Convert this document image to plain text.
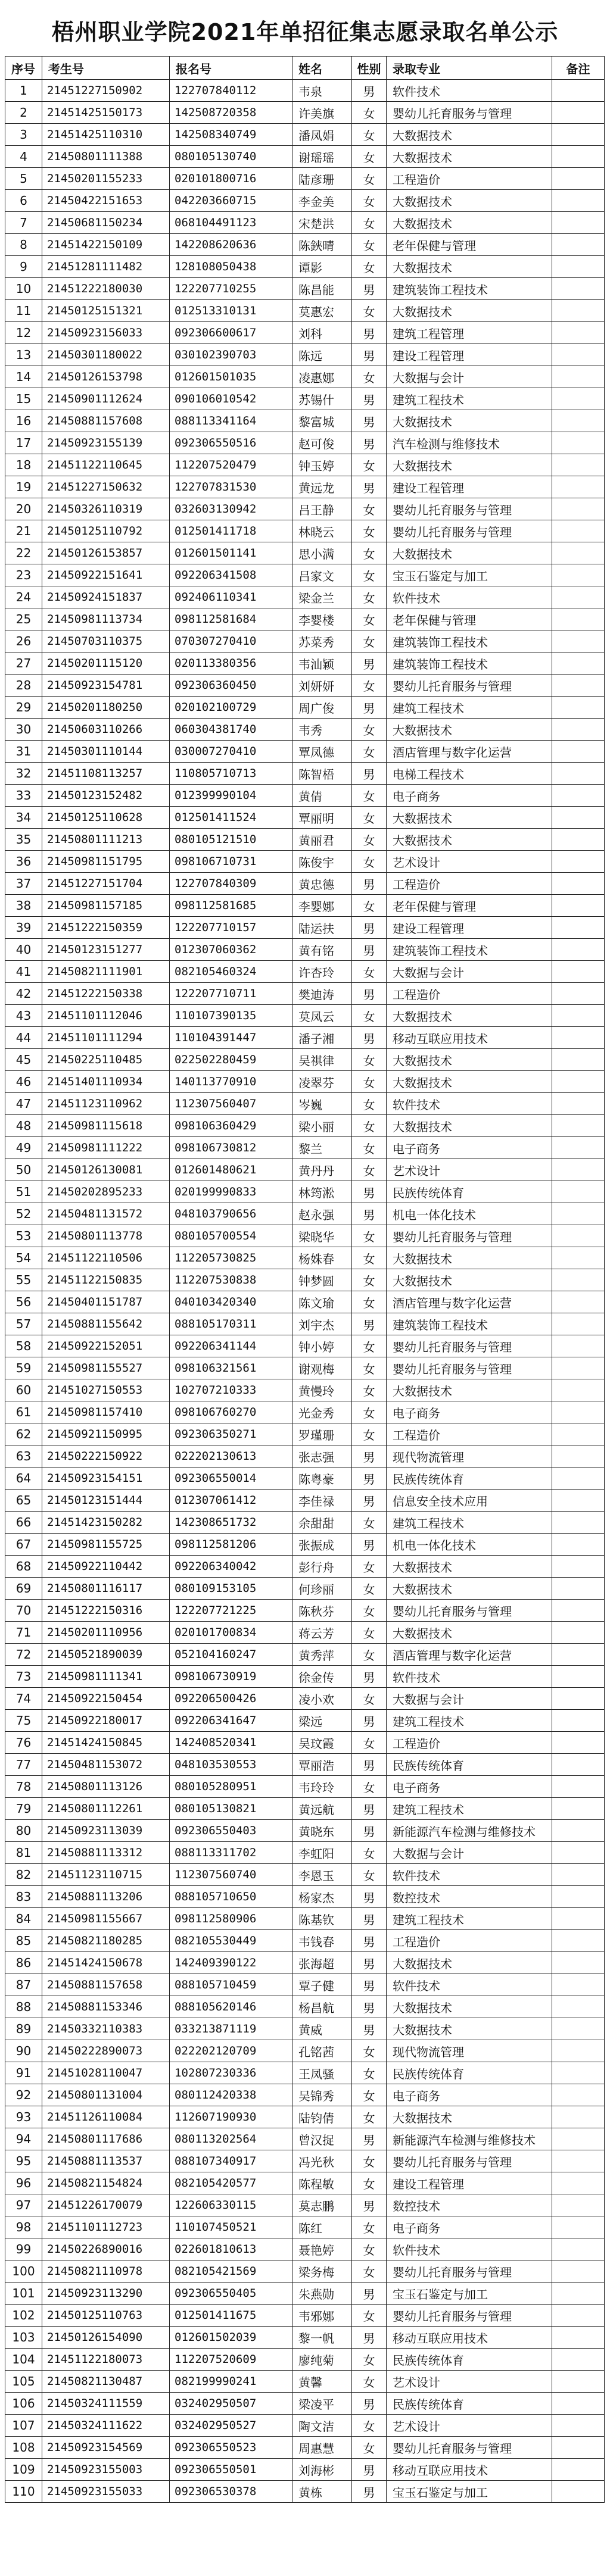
梧州职业学院2021年单招征集志愿录取名单公示
序号	考生号	报名号	姓名	性别	录取专业	备注
1	21451227150902	122707840112	韦泉	男	软件技术	
2	21451425150173	142508720358	许美旗	女	婴幼儿托育服务与管理	
3	21451425110310	142508340749	潘凤娟	女	大数据技术	
4	21450801111388	080105130740	谢瑶瑶	女	大数据技术	
5	21450201155233	020101800716	陆彦珊	女	工程造价	
6	21450422151653	042203660715	李金美	女	大数据技术	
7	21450681150234	068104491123	宋楚洪	女	大数据技术	
8	21451422150109	142208620636	陈鋏晴	女	老年保健与管理	
9	21451281111482	128108050438	谭影	女	大数据技术	
10	21451222180030	122207710255	陈昌能	男	建筑装饰工程技术	
11	21450125151321	012513310131	莫惠宏	女	大数据技术	
12	21450923156033	092306600617	刘科	男	建筑工程管理	
13	21450301180022	030102390703	陈远	男	建设工程管理	
14	21450126153798	012601501035	凌惠娜	女	大数据与会计	
15	21450901112624	090106010542	苏锡什	男	建筑工程技术	
16	21450881157608	088113341164	黎富城	男	大数据技术	
17	21450923155139	092306550516	赵可俊	男	汽车检测与维修技术	
18	21451122110645	112207520479	钟玉婷	女	大数据技术	
19	21451227150632	122707831530	黄远龙	男	建设工程管理	
20	21450326110319	032603130942	吕王静	女	婴幼儿托育服务与管理	
21	21450125110792	012501411718	林晓云	女	婴幼儿托育服务与管理	
22	21450126153857	012601501141	思小满	女	大数据技术	
23	21450922151641	092206341508	吕家文	女	宝玉石鉴定与加工	
24	21450924151837	092406110341	梁金兰	女	软件技术	
25	21450981113734	098112581684	李婴楼	女	老年保健与管理	
26	21450703110375	070307270410	苏菜秀	女	建筑装饰工程技术	
27	21450201115120	020113380356	韦汕颖	男	建筑装饰工程技术	
28	21450923154781	092306360450	刘妍妍	女	婴幼儿托育服务与管理	
29	21450201180250	020102100729	周广俊	男	建筑工程技术	
30	21450603110266	060304381740	韦秀	女	大数据技术	
31	21450301110144	030007270410	覃凤德	女	酒店管理与数字化运营	
32	21451108113257	110805710713	陈智梧	男	电梯工程技术	
33	21450123152482	012399990104	黄倩	女	电子商务	
34	21450125110628	012501411524	覃丽明	女	大数据技术	
35	21450801111213	080105121510	黄丽君	女	大数据技术	
36	21450981151795	098106710731	陈俊宇	女	艺术设计	
37	21451227151704	122707840309	黄忠德	男	工程造价	
38	21450981157185	098112581685	李婴娜	女	老年保健与管理	
39	21451222150359	122207710157	陆运扶	男	建设工程管理	
40	21450123151277	012307060362	黄有铭	男	建筑装饰工程技术	
41	21450821111901	082105460324	许杏玲	女	大数据与会计	
42	21451222150338	122207710711	樊迪涛	男	工程造价	
43	21451101112046	110107390135	莫凤云	女	大数据技术	
44	21451101111294	110104391447	潘子湘	男	移动互联应用技术	
45	21450225110485	022502280459	吴祺律	女	大数据技术	
46	21451401110934	140113770910	凌翠芬	女	大数据技术	
47	21451123110962	112307560407	岑巍	女	软件技术	
48	21450981115618	098106360429	梁小丽	女	大数据技术	
49	21450981111222	098106730812	黎兰	女	电子商务	
50	21450126130081	012601480621	黄丹丹	女	艺术设计	
51	21450202895233	020199990833	林筠淞	男	民族传统体育	
52	21450481131572	048103790656	赵永强	男	机电一体化技术	
53	21450801113778	080105700554	梁晓华	女	婴幼儿托育服务与管理	
54	21451122110506	112205730825	杨姝春	女	大数据技术	
55	21451122150835	112207530838	钟梦圆	女	大数据技术	
56	21450401151787	040103420340	陈文瑜	女	酒店管理与数字化运营	
57	21450881155642	088105170311	刘宇杰	男	建筑装饰工程技术	
58	21450922152051	092206341144	钟小婷	女	婴幼儿托育服务与管理	
59	21450981155527	098106321561	谢观梅	女	婴幼儿托育服务与管理	
60	21451027150553	102707210333	黄慢玲	女	大数据技术	
61	21450981157410	098106760270	光金秀	女	电子商务	
62	21450921150995	092306350271	罗瑾珊	女	工程造价	
63	21450222150922	022202130613	张志强	男	现代物流管理	
64	21450923154151	092306550014	陈粤豪	男	民族传统体育	
65	21450123151444	012307061412	李佳禄	男	信息安全技术应用	
66	21451423150282	142308651732	余甜甜	女	建筑工程技术	
67	21450981155725	098112581206	张振成	男	机电一体化技术	
68	21450922110442	092206340042	彭行舟	女	大数据技术	
69	21450801116117	080109153105	何珍丽	女	大数据技术	
70	21451222150316	122207721225	陈秋芬	女	婴幼儿托育服务与管理	
71	21450201110956	020101700834	蒋云芳	女	大数据技术	
72	21450521890039	052104160247	黄秀萍	女	酒店管理与数字化运营	
73	21450981111341	098106730919	徐金传	男	软件技术	
74	21450922150454	092206500426	凌小欢	女	大数据与会计	
75	21450922180017	092206341647	梁远	男	建筑工程技术	
76	21451424150845	142408520341	吴玟霞	女	工程造价	
77	21450481153072	048103530553	覃丽浩	男	民族传统体育	
78	21450801113126	080105280951	韦玲玲	女	电子商务	
79	21450801112261	080105130821	黄远航	男	建筑工程技术	
80	21450923113039	092306550403	黄晓东	男	新能源汽车检测与维修技术	
81	21450881113312	088113311702	李虹阳	女	大数据与会计	
82	21451123110715	112307560740	李恩玉	女	软件技术	
83	21450881113206	088105710650	杨家杰	男	数控技术	
84	21450981155667	098112580906	陈基钦	男	建筑工程技术	
85	21450821180285	082105530449	韦钱春	男	工程造价	
86	21451424150678	142409390122	张海超	男	大数据技术	
87	21450881157658	088105710459	覃子健	男	软件技术	
88	21450881153346	088105620146	杨昌航	男	大数据技术	
89	21450332110383	033213871119	黄威	男	大数据技术	
90	21450222890073	022202120709	孔铭茜	女	现代物流管理	
91	21451028110047	102807230336	王凤骚	女	民族传统体育	
92	21450801131004	080112420338	吴锦秀	女	电子商务	
93	21451126110084	112607190930	陆钧倩	女	大数据技术	
94	21450801117686	080113202564	曾汉捉	男	新能源汽车检测与维修技术	
95	21450881113537	088107340917	冯光秋	女	婴幼儿托育服务与管理	
96	21450821154824	082105420577	陈程敏	女	建设工程管理	
97	21451226170079	122606330115	莫志鹏	男	数控技术	
98	21451101112723	110107450521	陈红	女	电子商务	
99	21450226890016	022601810613	聂艳婷	女	软件技术	
100	21450821110978	082105421569	梁务梅	女	婴幼儿托育服务与管理	
101	21450923113290	092306550405	朱燕勋	男	宝玉石鉴定与加工	
102	21450125110763	012501411675	韦邪娜	女	婴幼儿托育服务与管理	
103	21450126154090	012601502039	黎一帆	男	移动互联应用技术	
104	21451122180073	112207520609	廖纯菊	女	民族传统体育	
105	21450821130487	082199990241	黄馨	女	艺术设计	
106	21450324111559	032402950507	梁凌平	男	民族传统体育	
107	21450324111622	032402950527	陶文洁	女	艺术设计	
108	21450923154569	092306550523	周惠慧	女	婴幼儿托育服务与管理	
109	21450923155003	092306550501	刘海彬	男	移动互联应用技术	
110	21450923155033	092306530378	黄栋	男	宝玉石鉴定与加工	
